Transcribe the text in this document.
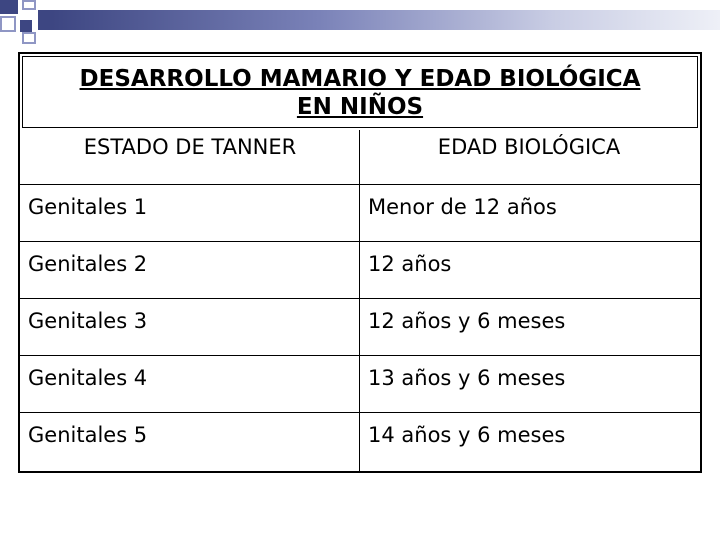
DESARROLLO MAMARIO Y EDAD BIOLÓGICA
EN NIÑOS
ESTADO DE TANNER	EDAD BIOLÓGICA
Genitales 1	Menor de 12 años
Genitales 2	12 años
Genitales 3	12 años y 6 meses
Genitales 4	13 años y 6 meses
Genitales 5	14 años y 6 meses
